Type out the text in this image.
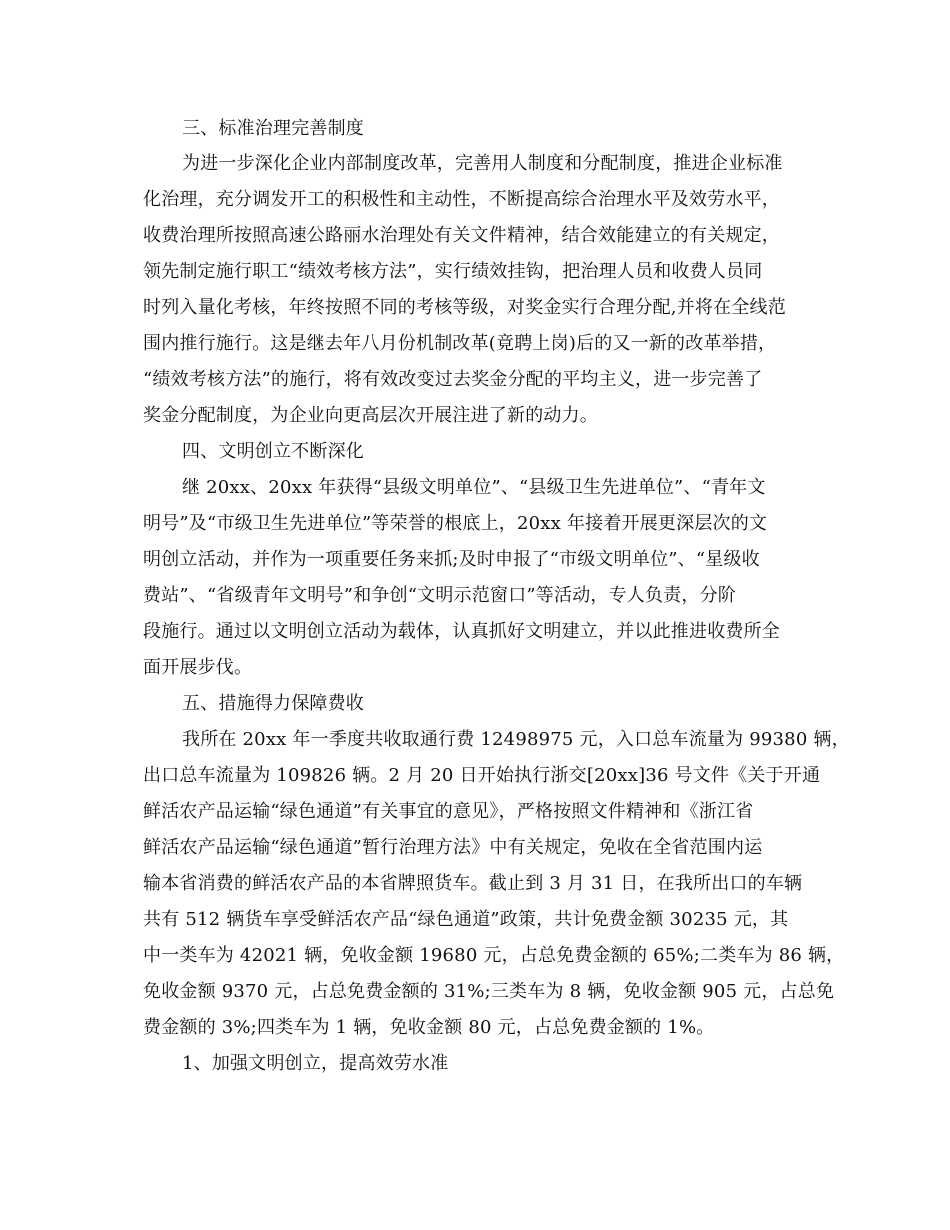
三、标准治理完善制度
为进一步深化企业内部制度改革，完善用人制度和分配制度，推进企业标准
化治理，充分调发开工的积极性和主动性，不断提高综合治理水平及效劳水平，
收费治理所按照高速公路丽水治理处有关文件精神，结合效能建立的有关规定，
领先制定施行职工“绩效考核方法”，实行绩效挂钩，把治理人员和收费人员同
时列入量化考核，年终按照不同的考核等级，对奖金实行合理分配,并将在全线范
围内推行施行。这是继去年八月份机制改革(竟聘上岗)后的又一新的改革举措，
“绩效考核方法”的施行，将有效改变过去奖金分配的平均主义，进一步完善了
奖金分配制度，为企业向更高层次开展注进了新的动力。
四、文明创立不断深化
继 20xx、20xx 年获得“县级文明单位”、“县级卫生先进单位”、“青年文
明号”及“市级卫生先进单位”等荣誉的根底上，20xx 年接着开展更深层次的文
明创立活动，并作为一项重要任务来抓;及时申报了“市级文明单位”、“星级收
费站”、“省级青年文明号”和争创“文明示范窗口”等活动，专人负责，分阶
段施行。通过以文明创立活动为载体，认真抓好文明建立，并以此推进收费所全
面开展步伐。
五、措施得力保障费收
我所在 20xx 年一季度共收取通行费 12498975 元，入口总车流量为 99380 辆，
出口总车流量为 109826 辆。2 月 20 日开始执行浙交[20xx]36 号文件《关于开通
鲜活农产品运输“绿色通道”有关事宜的意见》，严格按照文件精神和《浙江省
鲜活农产品运输“绿色通道”暂行治理方法》中有关规定，免收在全省范围内运
输本省消费的鲜活农产品的本省牌照货车。截止到 3 月 31 日，在我所出口的车辆
共有 512 辆货车享受鲜活农产品“绿色通道”政策，共计免费金额 30235 元，其
中一类车为 42021 辆，免收金额 19680 元，占总免费金额的 65%;二类车为 86 辆，
免收金额 9370 元，占总免费金额的 31%;三类车为 8 辆，免收金额 905 元，占总免
费金额的 3%;四类车为 1 辆，免收金额 80 元，占总免费金额的 1%。
1、加强文明创立，提高效劳水准
